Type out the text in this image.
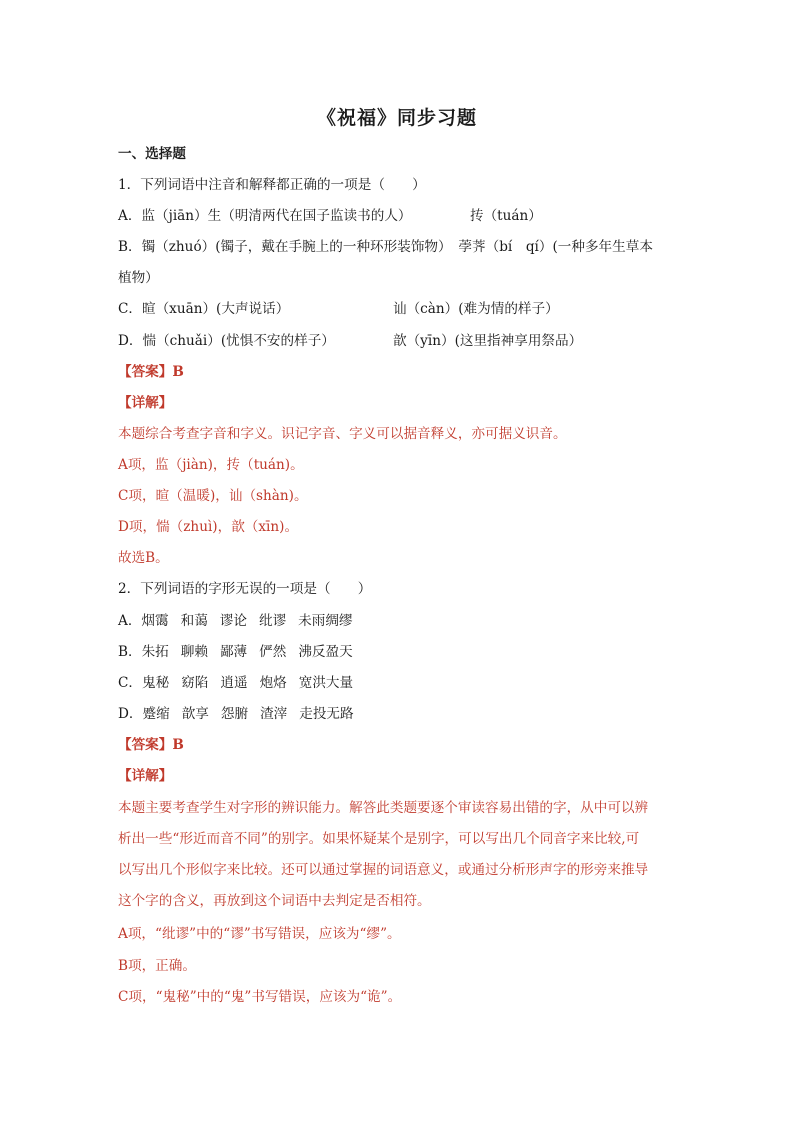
《祝福》同步习题
一、选择题
1．下列词语中注音和解释都正确的一项是（　　）
A．监（jiān）生（明清两代在国子监读书的人）	抟（tuán）
B．镯（zhuó）(镯子，戴在手腕上的一种环形装饰物）　荸荠（bí　qí）(一种多年生草本
植物）
C．暄（xuān）(大声说话）	讪（càn）(难为情的样子）
D．惴（chuǎi）(忧惧不安的样子）	歆（yīn）(这里指神享用祭品）
【答案】B
【详解】
本题综合考查字音和字义。识记字音、字义可以据音释义，亦可据义识音。
A项，监（jiàn)，抟（tuán)。
C项，暄（温暖)，讪（shàn)。
D项，惴（zhuì)，歆（xīn)。
故选B。
2．下列词语的字形无误的一项是（　　）
A．烟霭 和蔼 谬论 纰谬 未雨绸缪
B．朱拓 聊赖 鄙薄 俨然 沸反盈天
C．鬼秘 窈陷 逍遥 炮烙 宽洪大量
D．蹙缩 歆享 怨腑 渣滓 走投无路
【答案】B
【详解】
本题主要考查学生对字形的辨识能力。解答此类题要逐个审读容易出错的字，从中可以辨
析出一些“形近而音不同”的别字。如果怀疑某个是别字，可以写出几个同音字来比较,可
以写出几个形似字来比较。还可以通过掌握的词语意义，或通过分析形声字的形旁来推导
这个字的含义，再放到这个词语中去判定是否相符。
A项，“纰谬”中的“谬”书写错误，应该为“缪”。
B项，正确。
C项，“鬼秘”中的“鬼”书写错误，应该为“诡”。
